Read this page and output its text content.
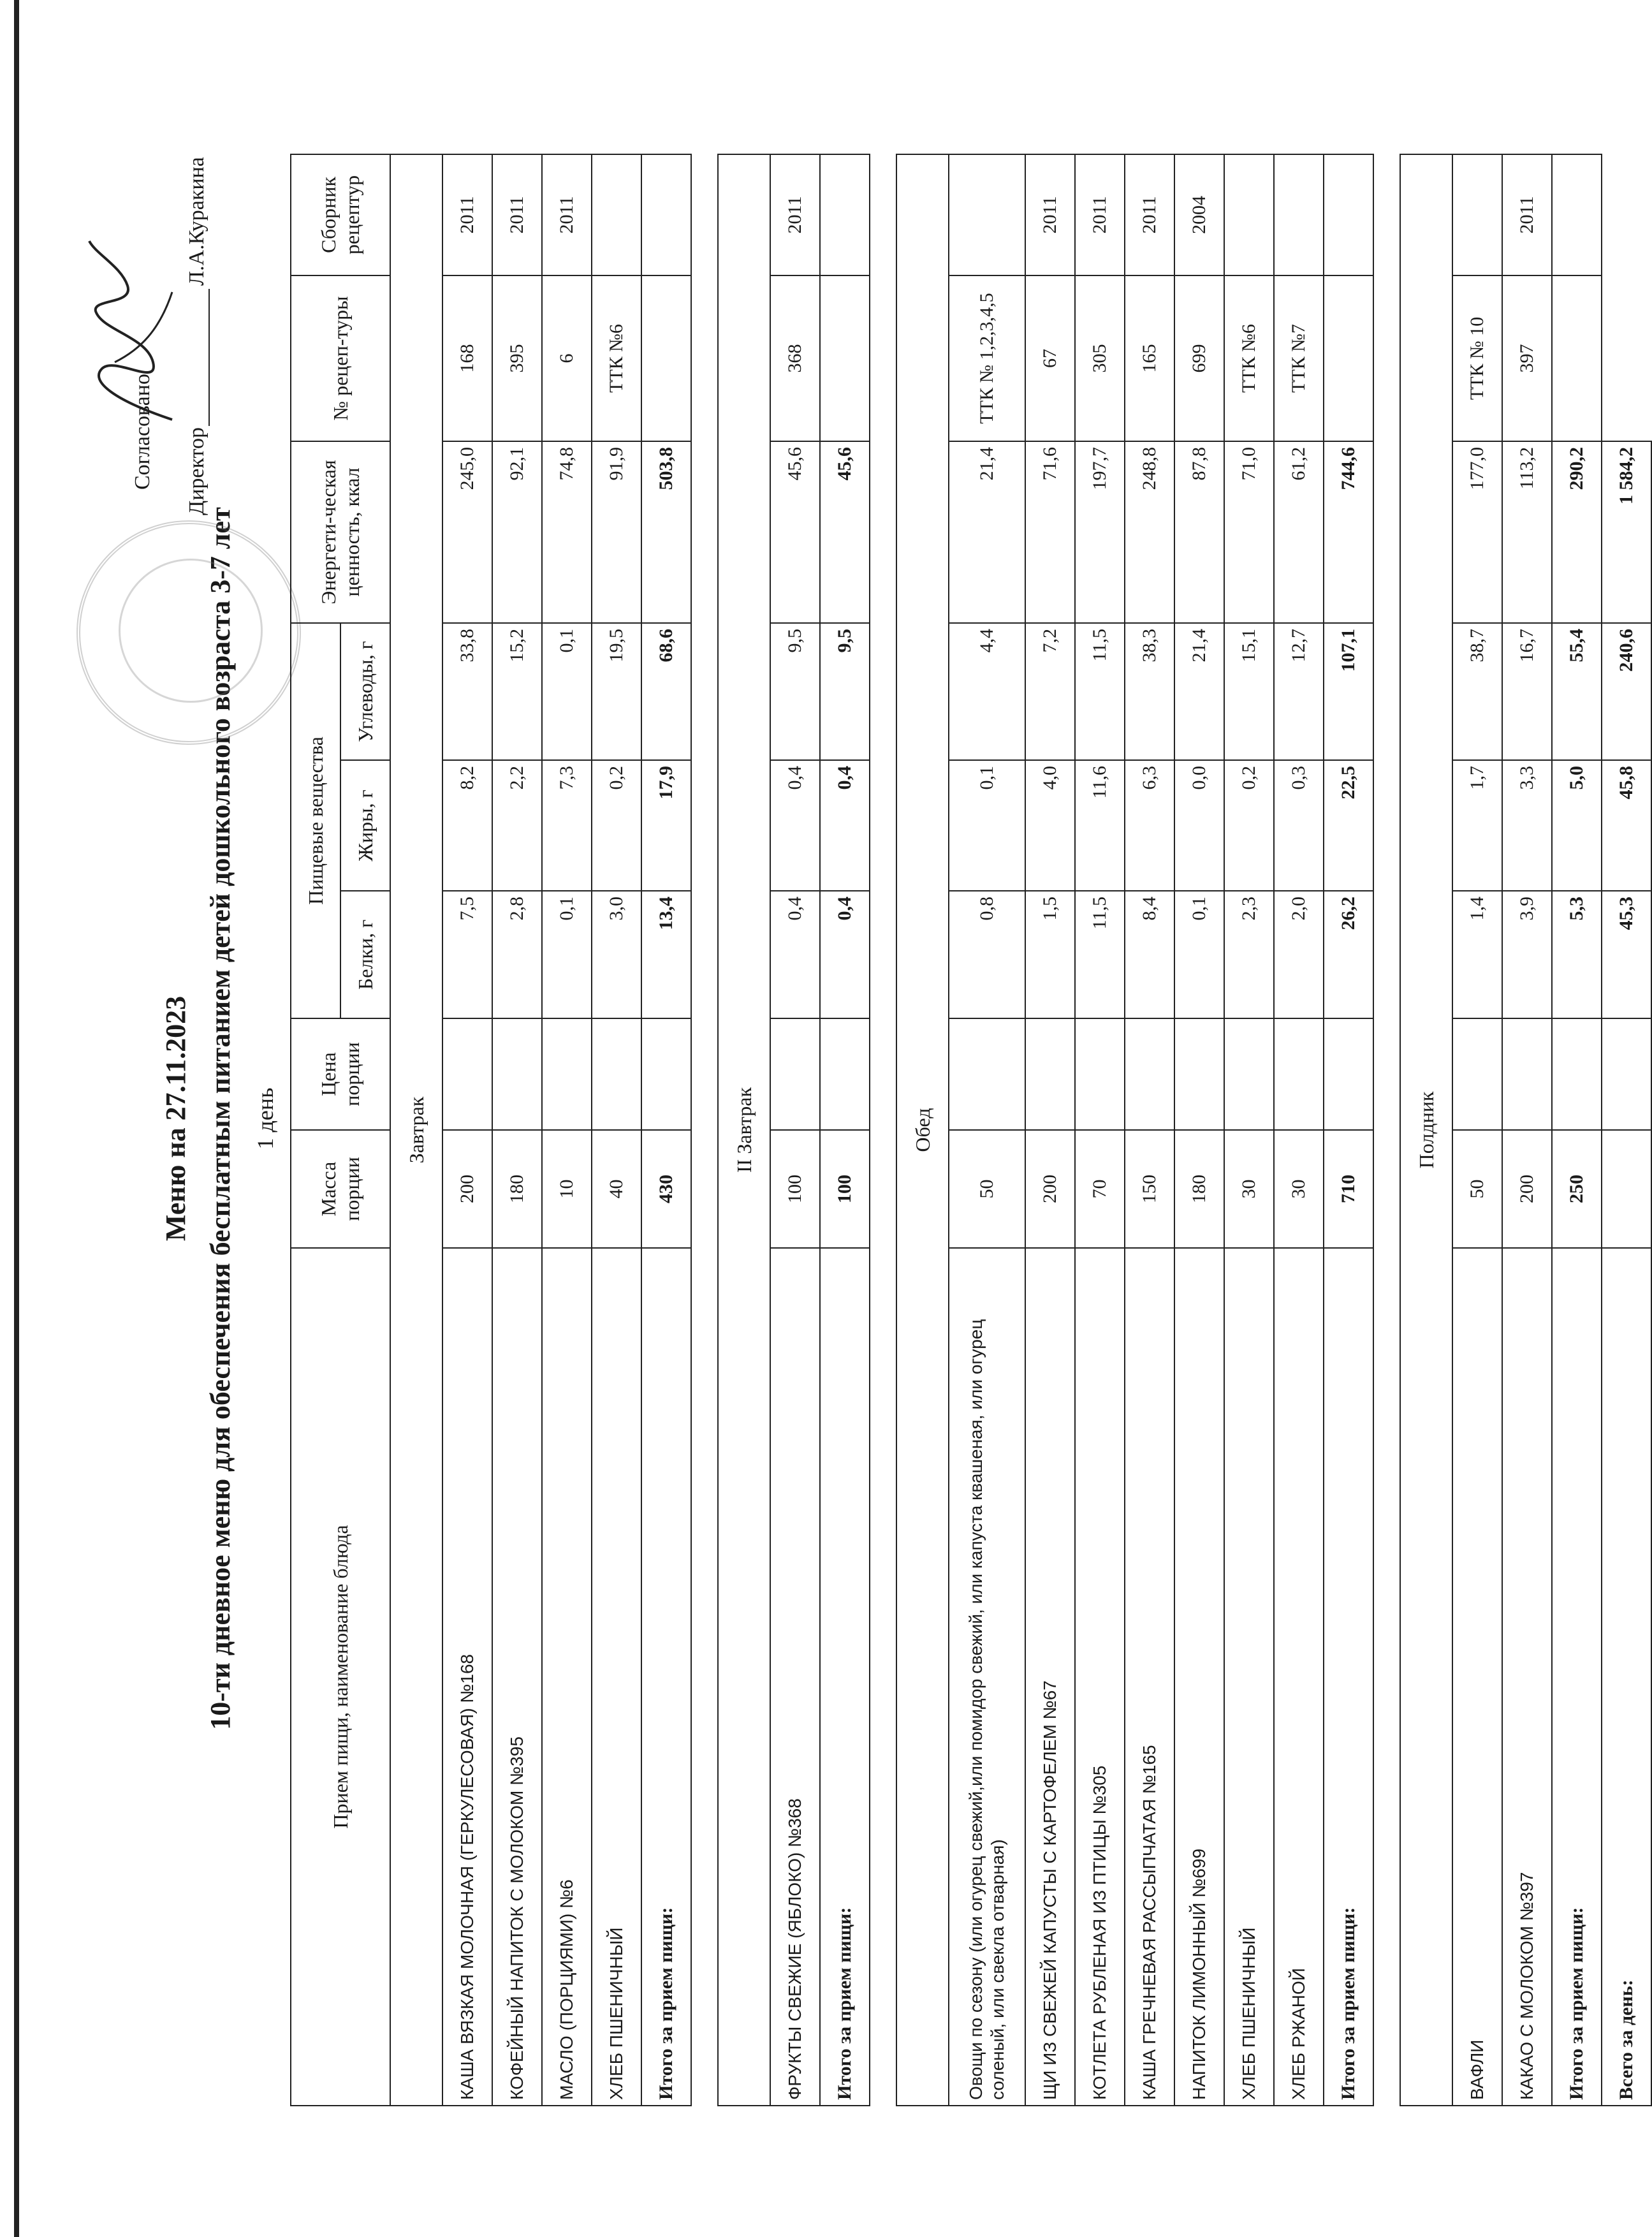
Меню на 27.11.2023 10-ти дневное меню для обеспечения бесплатным питанием детей дошкольного возраста 3-7 лет 1 день
Согласовано Директор
Л.А.Куракина
Прием пищи, наименование блюда	Масса порции	Цена порции	Пищевые вещества			Энергети-ческая ценность, ккал	№ рецеп-туры	Сборник рецептур
			Белки, г	Жиры, г	Углеводы, г			
Завтрак								
КАША ВЯЗКАЯ МОЛОЧНАЯ (ГЕРКУЛЕСОВАЯ) №168	200		7,5	8,2	33,8	245,0	168	2011
КОФЕЙНЫЙ НАПИТОК С МОЛОКОМ №395	180		2,8	2,2	15,2	92,1	395	2011
МАСЛО (ПОРЦИЯМИ) №6	10		0,1	7,3	0,1	74,8	6	2011
ХЛЕБ ПШЕНИЧНЫЙ	40		3,0	0,2	19,5	91,9	ТТК №6	
Итого за прием пищи:	430		13,4	17,9	68,6	503,8		

II Завтрак								
ФРУКТЫ СВЕЖИЕ (ЯБЛОКО) №368	100		0,4	0,4	9,5	45,6	368	2011
Итого за прием пищи:	100		0,4	0,4	9,5	45,6		

Обед								
Овощи по сезону (или огурец свежий,или помидор свежий, или капуста квашеная, или огурец соленый, или свекла отварная)	50		0,8	0,1	4,4	21,4	ТТК № 1,2,3,4,5	
ЩИ ИЗ СВЕЖЕЙ КАПУСТЫ С КАРТОФЕЛЕМ №67	200		1,5	4,0	7,2	71,6	67	2011
КОТЛЕТА РУБЛЕНАЯ ИЗ ПТИЦЫ №305	70		11,5	11,6	11,5	197,7	305	2011
КАША ГРЕЧНЕВАЯ РАССЫПЧАТАЯ №165	150		8,4	6,3	38,3	248,8	165	2011
НАПИТОК ЛИМОННЫЙ №699	180		0,1	0,0	21,4	87,8	699	2004
ХЛЕБ ПШЕНИЧНЫЙ	30		2,3	0,2	15,1	71,0	ТТК №6	
ХЛЕБ РЖАНОЙ	30		2,0	0,3	12,7	61,2	ТТК №7	
Итого за прием пищи:	710		26,2	22,5	107,1	744,6		

Полдник								
ВАФЛИ	50		1,4	1,7	38,7	177,0	ТТК № 10	
КАКАО С МОЛОКОМ №397	200		3,9	3,3	16,7	113,2	397	2011
Итого за прием пищи:	250		5,3	5,0	55,4	290,2		
Всего за день:			45,3	45,8	240,6	1 584,2		
